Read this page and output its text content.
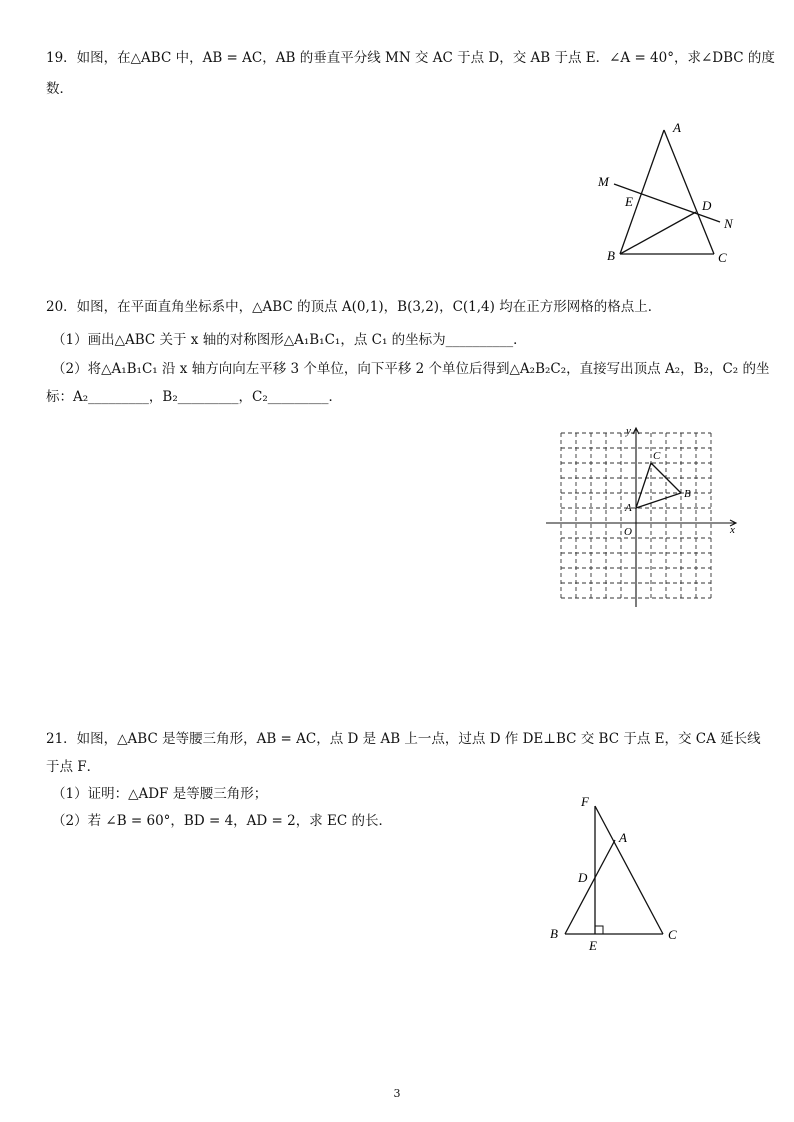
19．如图，在△ABC 中，AB = AC，AB 的垂直平分线 MN 交 AC 于点 D，交 AB 于点 E．∠A = 40°，求∠DBC 的度
数．
A
M
E	D
N
B	C
20．如图，在平面直角坐标系中，△ABC 的顶点 A(0,1)，B(3,2)，C(1,4) 均在正方形网格的格点上．
（1）画出△ABC 关于 x 轴的对称图形△A₁B₁C₁，点 C₁ 的坐标为__________．
（2）将△A₁B₁C₁ 沿 x 轴方向向左平移 3 个单位，向下平移 2 个单位后得到△A₂B₂C₂，直接写出顶点 A₂，B₂，C₂ 的坐
标：A₂_________，B₂_________，C₂_________．
x
y
O
A
B
C
21．如图，△ABC 是等腰三角形，AB = AC，点 D 是 AB 上一点，过点 D 作 DE⊥BC 交 BC 于点 E，交 CA 延长线
于点 F．
（1）证明：△ADF 是等腰三角形；
（2）若 ∠B = 60°，BD = 4，AD = 2，求 EC 的长．
F
A
D
B
E
C
3
